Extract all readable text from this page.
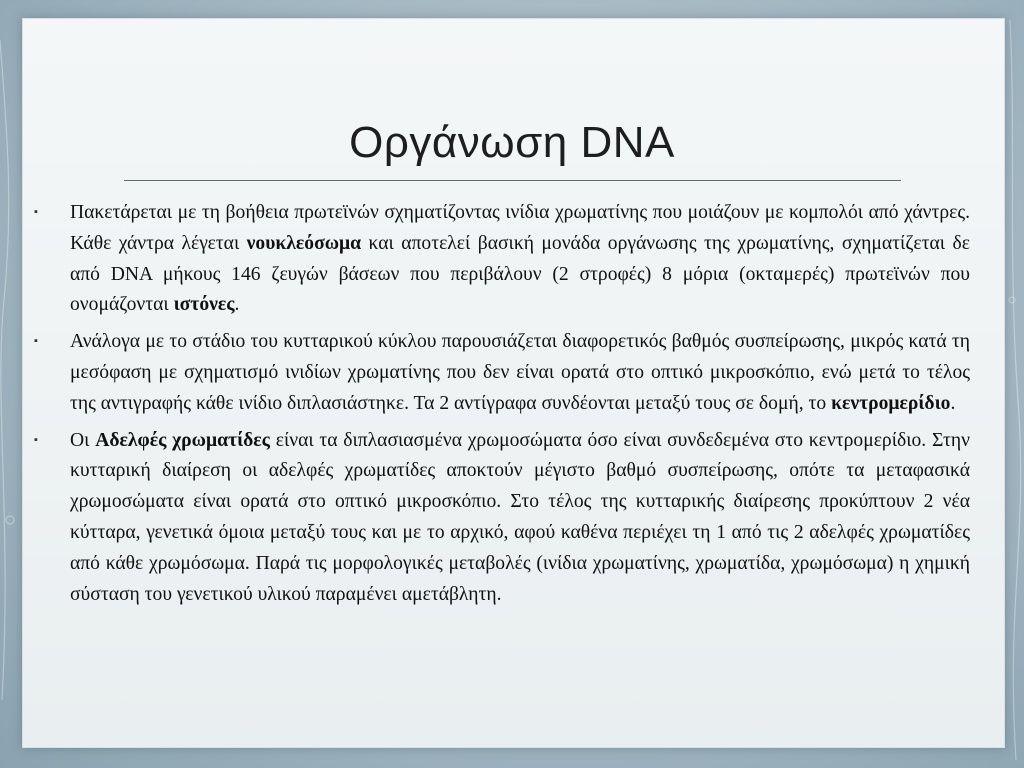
Οργάνωση DNA

▪ Πακετάρεται με τη βοήθεια πρωτεϊνών σχηματίζοντας ινίδια χρωματίνης που μοιάζουν με κομπολόι από χάντρες. Κάθε χάντρα λέγεται νουκλεόσωμα και αποτελεί βασική μονάδα οργάνωσης της χρωματίνης, σχηματίζεται δε από DNA μήκους 146 ζευγών βάσεων που περιβάλουν (2 στροφές) 8 μόρια (οκταμερές) πρωτεϊνών που ονομάζονται ιστόνες.

▪ Ανάλογα με το στάδιο του κυτταρικού κύκλου παρουσιάζεται διαφορετικός βαθμός συσπείρωσης, μικρός κατά τη μεσόφαση με σχηματισμό ινιδίων χρωματίνης που δεν είναι ορατά στο οπτικό μικροσκόπιο, ενώ μετά το τέλος της αντιγραφής κάθε ινίδιο διπλασιάστηκε. Τα 2 αντίγραφα συνδέονται μεταξύ τους σε δομή, το κεντρομερίδιο.

▪ Οι Αδελφές χρωματίδες είναι τα διπλασιασμένα χρωμοσώματα όσο είναι συνδεδεμένα στο κεντρομερίδιο. Στην κυτταρική διαίρεση οι αδελφές χρωματίδες αποκτούν μέγιστο βαθμό συσπείρωσης, οπότε τα μεταφασικά χρωμοσώματα είναι ορατά στο οπτικό μικροσκόπιο. Στο τέλος της κυτταρικής διαίρεσης προκύπτουν 2 νέα κύτταρα, γενετικά όμοια μεταξύ τους και με το αρχικό, αφού καθένα περιέχει τη 1 από τις 2 αδελφές χρωματίδες από κάθε χρωμόσωμα. Παρά τις μορφολογικές μεταβολές (ινίδια χρωματίνης, χρωματίδα, χρωμόσωμα) η χημική σύσταση του γενετικού υλικού παραμένει αμετάβλητη.
